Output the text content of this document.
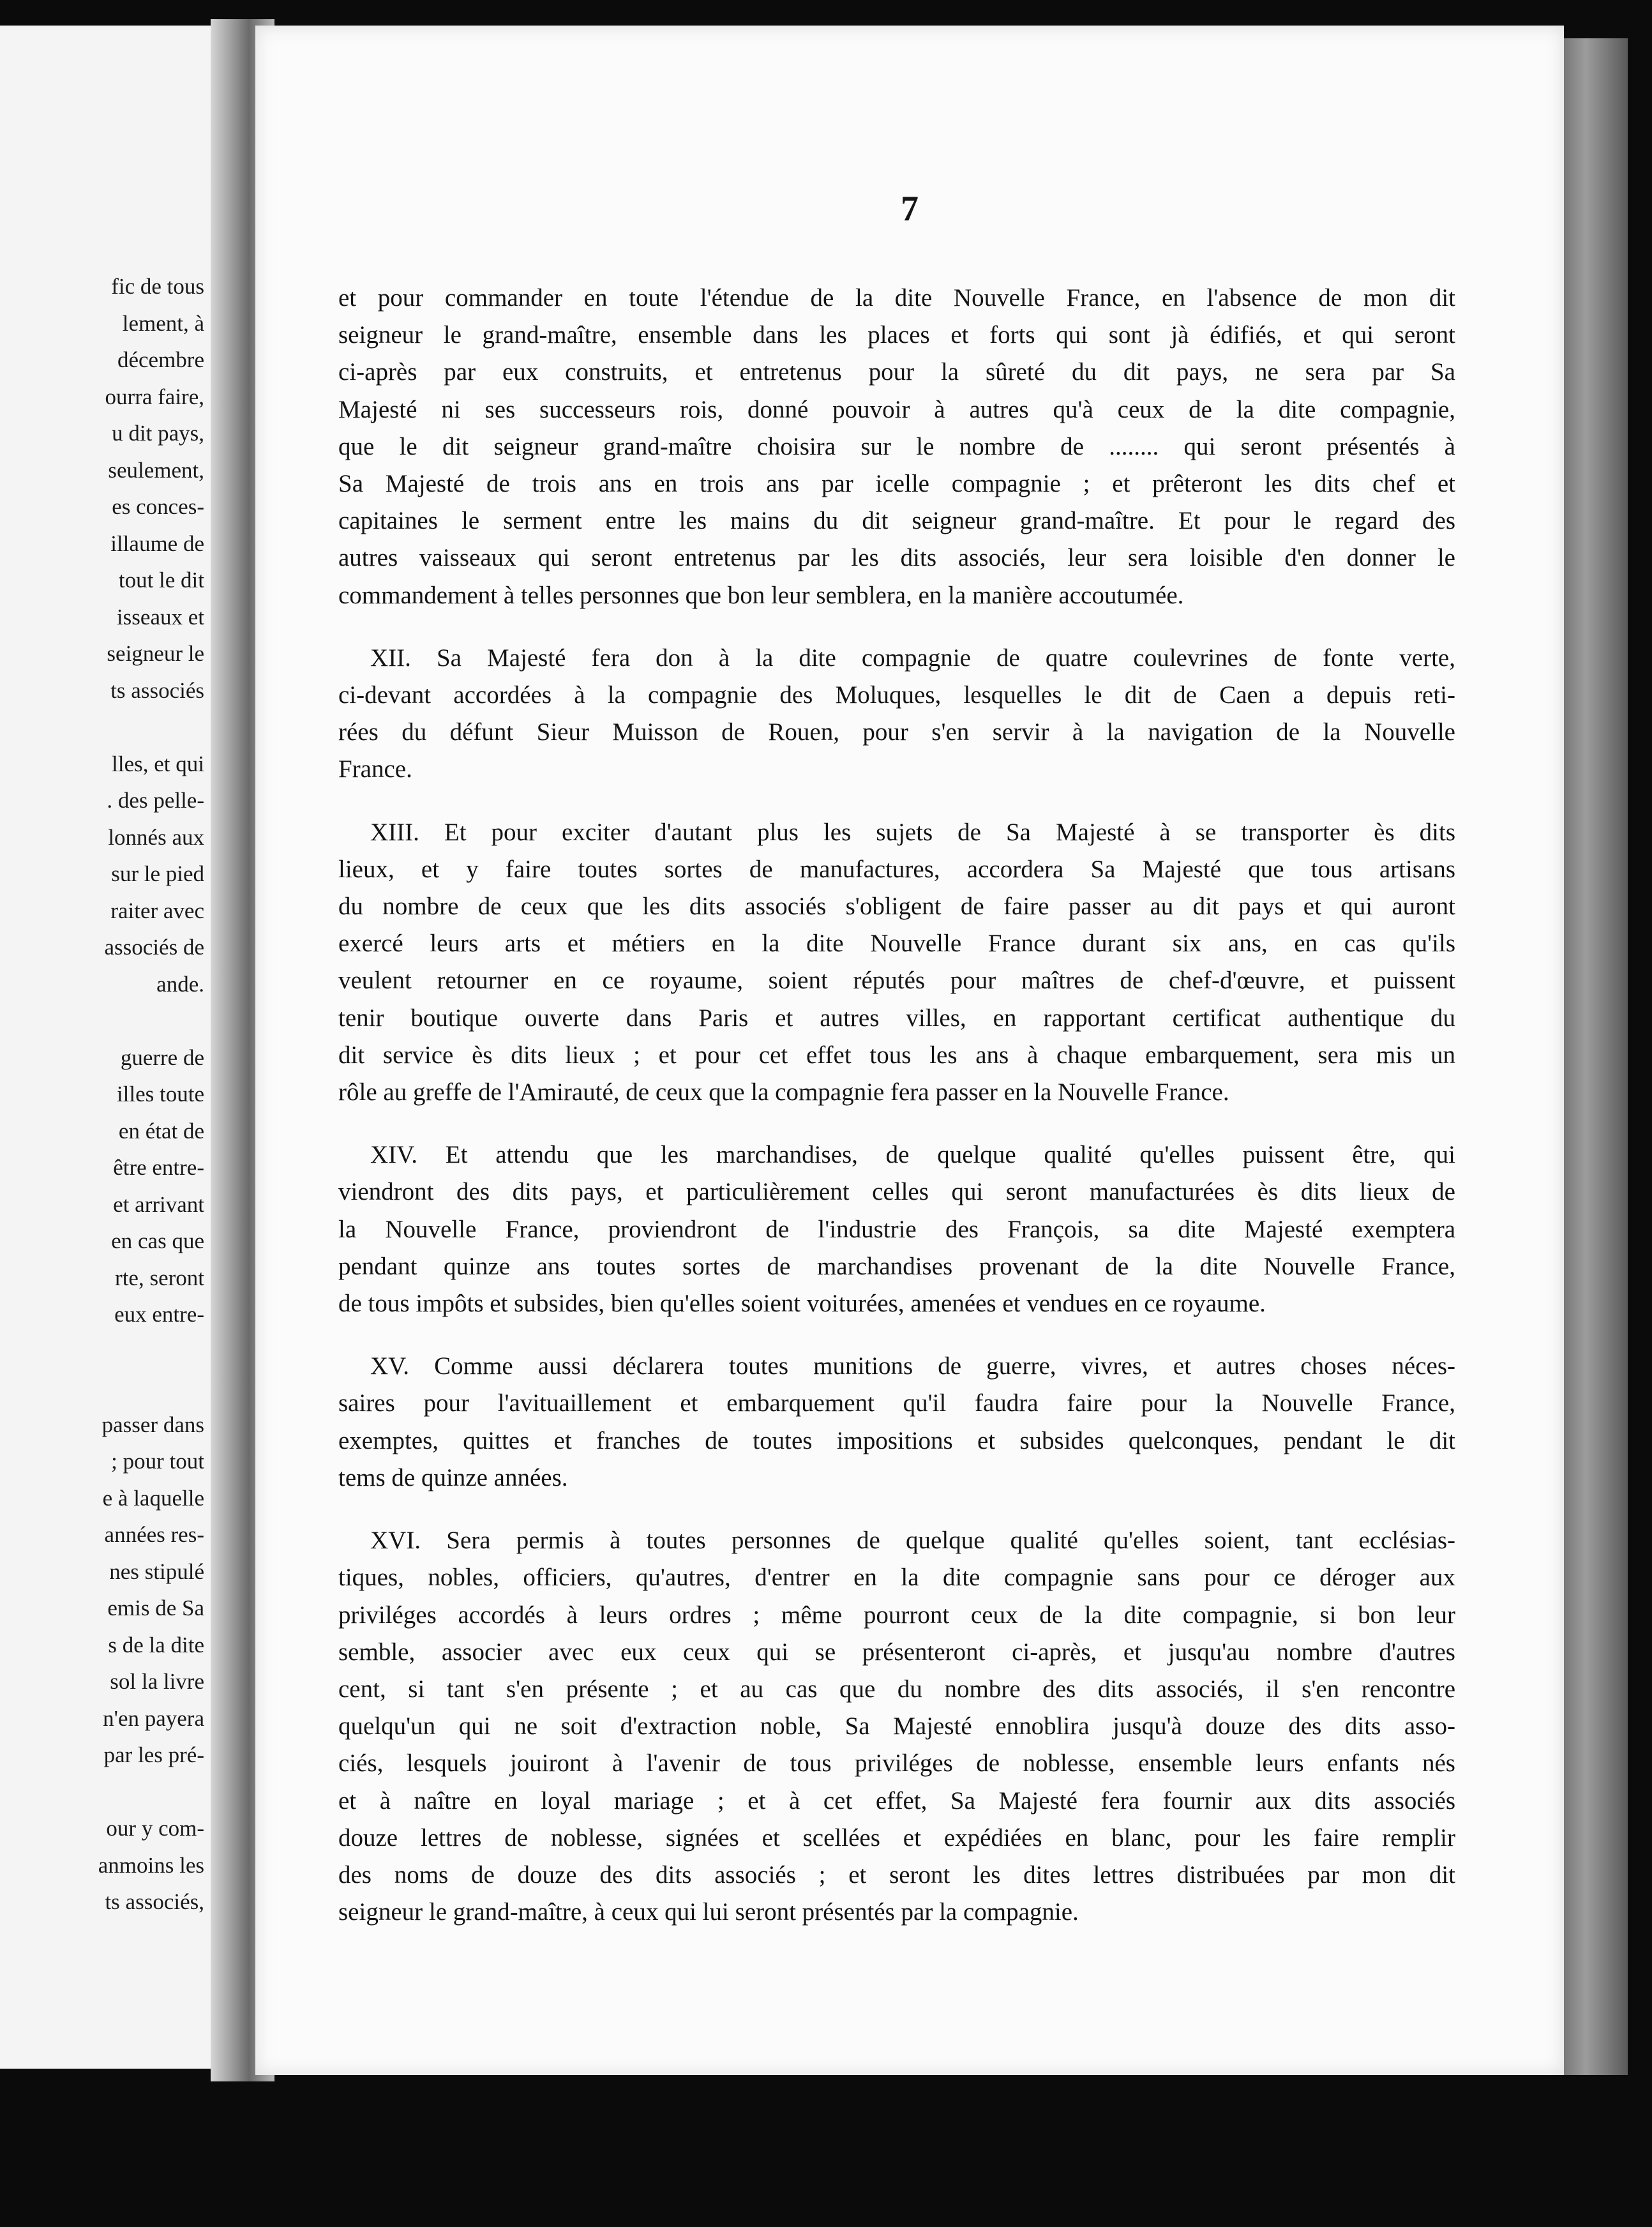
fic de tous
lement, à
décembre
ourra faire,
u dit pays,
seulement,
es conces-
illaume de
tout le dit
isseaux et
seigneur le
ts associés
lles, et qui
. des pelle-
lonnés aux
sur le pied
raiter avec
associés de
ande.
guerre de
illes toute
en état de
être entre-
et arrivant
en cas que
rte, seront
eux entre-
passer dans
; pour tout
e à laquelle
années res-
nes stipulé
emis de Sa
s de la dite
sol la livre
n'en payera
par les pré-
our y com-
anmoins les
ts associés,
7

et pour commander en toute l'étendue de la dite Nouvelle France, en l'absence de mon dit
seigneur le grand-maître, ensemble dans les places et forts qui sont jà édifiés, et qui seront
ci-après par eux construits, et entretenus pour la sûreté du dit pays, ne sera par Sa
Majesté ni ses successeurs rois, donné pouvoir à autres qu'à ceux de la dite compagnie,
que le dit seigneur grand-maître choisira sur le nombre de ........ qui seront présentés à
Sa Majesté de trois ans en trois ans par icelle compagnie ; et prêteront les dits chef et
capitaines le serment entre les mains du dit seigneur grand-maître. Et pour le regard des
autres vaisseaux qui seront entretenus par les dits associés, leur sera loisible d'en donner le
commandement à telles personnes que bon leur semblera, en la manière accoutumée.

XII. Sa Majesté fera don à la dite compagnie de quatre coulevrines de fonte verte,
ci-devant accordées à la compagnie des Moluques, lesquelles le dit de Caen a depuis reti-
rées du défunt Sieur Muisson de Rouen, pour s'en servir à la navigation de la Nouvelle
France.

XIII. Et pour exciter d'autant plus les sujets de Sa Majesté à se transporter ès dits
lieux, et y faire toutes sortes de manufactures, accordera Sa Majesté que tous artisans
du nombre de ceux que les dits associés s'obligent de faire passer au dit pays et qui auront
exercé leurs arts et métiers en la dite Nouvelle France durant six ans, en cas qu'ils
veulent retourner en ce royaume, soient réputés pour maîtres de chef-d'œuvre, et puissent
tenir boutique ouverte dans Paris et autres villes, en rapportant certificat authentique du
dit service ès dits lieux ; et pour cet effet tous les ans à chaque embarquement, sera mis un
rôle au greffe de l'Amirauté, de ceux que la compagnie fera passer en la Nouvelle France.

XIV. Et attendu que les marchandises, de quelque qualité qu'elles puissent être, qui
viendront des dits pays, et particulièrement celles qui seront manufacturées ès dits lieux de
la Nouvelle France, proviendront de l'industrie des François, sa dite Majesté exemptera
pendant quinze ans toutes sortes de marchandises provenant de la dite Nouvelle France,
de tous impôts et subsides, bien qu'elles soient voiturées, amenées et vendues en ce royaume.

XV. Comme aussi déclarera toutes munitions de guerre, vivres, et autres choses néces-
saires pour l'avituaillement et embarquement qu'il faudra faire pour la Nouvelle France,
exemptes, quittes et franches de toutes impositions et subsides quelconques, pendant le dit
tems de quinze années.

XVI. Sera permis à toutes personnes de quelque qualité qu'elles soient, tant ecclésias-
tiques, nobles, officiers, qu'autres, d'entrer en la dite compagnie sans pour ce déroger aux
priviléges accordés à leurs ordres ; même pourront ceux de la dite compagnie, si bon leur
semble, associer avec eux ceux qui se présenteront ci-après, et jusqu'au nombre d'autres
cent, si tant s'en présente ; et au cas que du nombre des dits associés, il s'en rencontre
quelqu'un qui ne soit d'extraction noble, Sa Majesté ennoblira jusqu'à douze des dits asso-
ciés, lesquels jouiront à l'avenir de tous priviléges de noblesse, ensemble leurs enfants nés
et à naître en loyal mariage ; et à cet effet, Sa Majesté fera fournir aux dits associés
douze lettres de noblesse, signées et scellées et expédiées en blanc, pour les faire remplir
des noms de douze des dits associés ; et seront les dites lettres distribuées par mon dit
seigneur le grand-maître, à ceux qui lui seront présentés par la compagnie.
